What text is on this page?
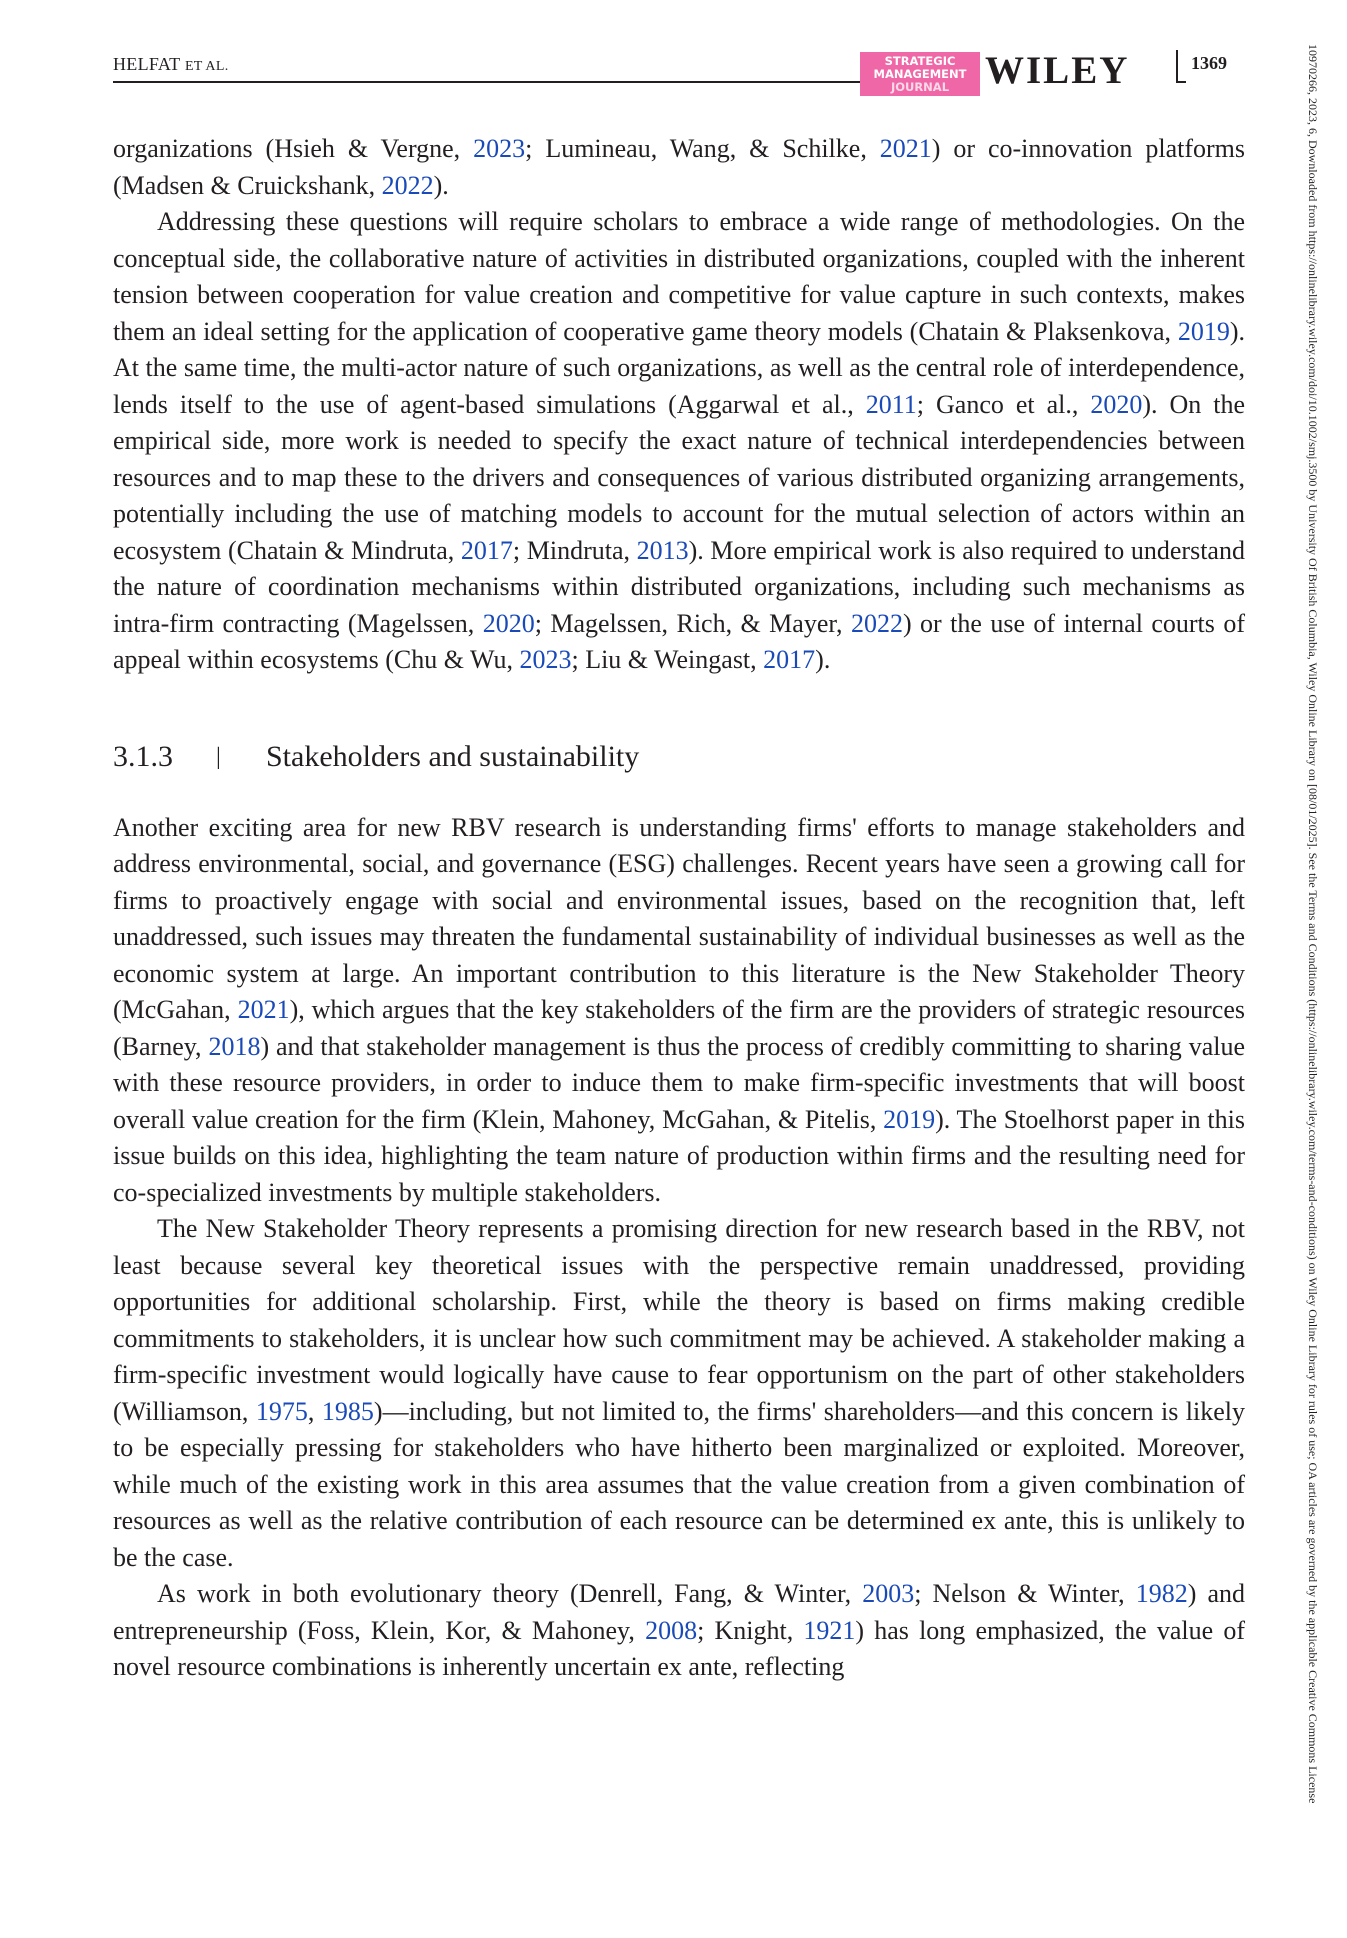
HELFAT ET AL.	STRATEGIC
MANAGEMENT
JOURNAL WILEY	1369

organizations (Hsieh & Vergne, 2023; Lumineau, Wang, & Schilke, 2021) or co-innovation platforms (Madsen & Cruickshank, 2022).

Addressing these questions will require scholars to embrace a wide range of methodologies. On the conceptual side, the collaborative nature of activities in distributed organizations, coupled with the inherent tension between cooperation for value creation and competitive for value capture in such contexts, makes them an ideal setting for the application of cooperative game theory models (Chatain & Plaksenkova, 2019). At the same time, the multi-actor nature of such organizations, as well as the central role of interdependence, lends itself to the use of agent-based simulations (Aggarwal et al., 2011; Ganco et al., 2020). On the empirical side, more work is needed to specify the exact nature of technical interdependencies between resources and to map these to the drivers and consequences of various distributed organizing arrangements, potentially including the use of matching models to account for the mutual selection of actors within an ecosystem (Chatain & Mindruta, 2017; Mindruta, 2013). More empirical work is also required to understand the nature of coordination mechanisms within distributed organizations, including such mechanisms as intra-firm contracting (Magelssen, 2020; Magelssen, Rich, & Mayer, 2022) or the use of internal courts of appeal within ecosystems (Chu & Wu, 2023; Liu & Weingast, 2017).

3.1.3 | Stakeholders and sustainability

Another exciting area for new RBV research is understanding firms' efforts to manage stakeholders and address environmental, social, and governance (ESG) challenges. Recent years have seen a growing call for firms to proactively engage with social and environmental issues, based on the recognition that, left unaddressed, such issues may threaten the fundamental sustainability of individual businesses as well as the economic system at large. An important contribution to this literature is the New Stakeholder Theory (McGahan, 2021), which argues that the key stakeholders of the firm are the providers of strategic resources (Barney, 2018) and that stakeholder management is thus the process of credibly committing to sharing value with these resource providers, in order to induce them to make firm-specific investments that will boost overall value creation for the firm (Klein, Mahoney, McGahan, & Pitelis, 2019). The Stoelhorst paper in this issue builds on this idea, highlighting the team nature of production within firms and the resulting need for co-specialized investments by multiple stakeholders.

The New Stakeholder Theory represents a promising direction for new research based in the RBV, not least because several key theoretical issues with the perspective remain unaddressed, providing opportunities for additional scholarship. First, while the theory is based on firms making credible commitments to stakeholders, it is unclear how such commitment may be achieved. A stakeholder making a firm-specific investment would logically have cause to fear opportunism on the part of other stakeholders (Williamson, 1975, 1985)—including, but not limited to, the firms' shareholders—and this concern is likely to be especially pressing for stakeholders who have hitherto been marginalized or exploited. Moreover, while much of the existing work in this area assumes that the value creation from a given combination of resources as well as the relative contribution of each resource can be determined ex ante, this is unlikely to be the case.

As work in both evolutionary theory (Denrell, Fang, & Winter, 2003; Nelson & Winter, 1982) and entrepreneurship (Foss, Klein, Kor, & Mahoney, 2008; Knight, 1921) has long emphasized, the value of novel resource combinations is inherently uncertain ex ante, reflecting	10970266, 2023, 6, Downloaded from https://onlinelibrary.wiley.com/doi/10.1002/smj.3500 by University Of British Columbia, Wiley Online Library on [08/01/2025]. See the Terms and Conditions (https://onlinelibrary.wiley.com/terms-and-conditions) on Wiley Online Library for rules of use; OA articles are governed by the applicable Creative Commons License
